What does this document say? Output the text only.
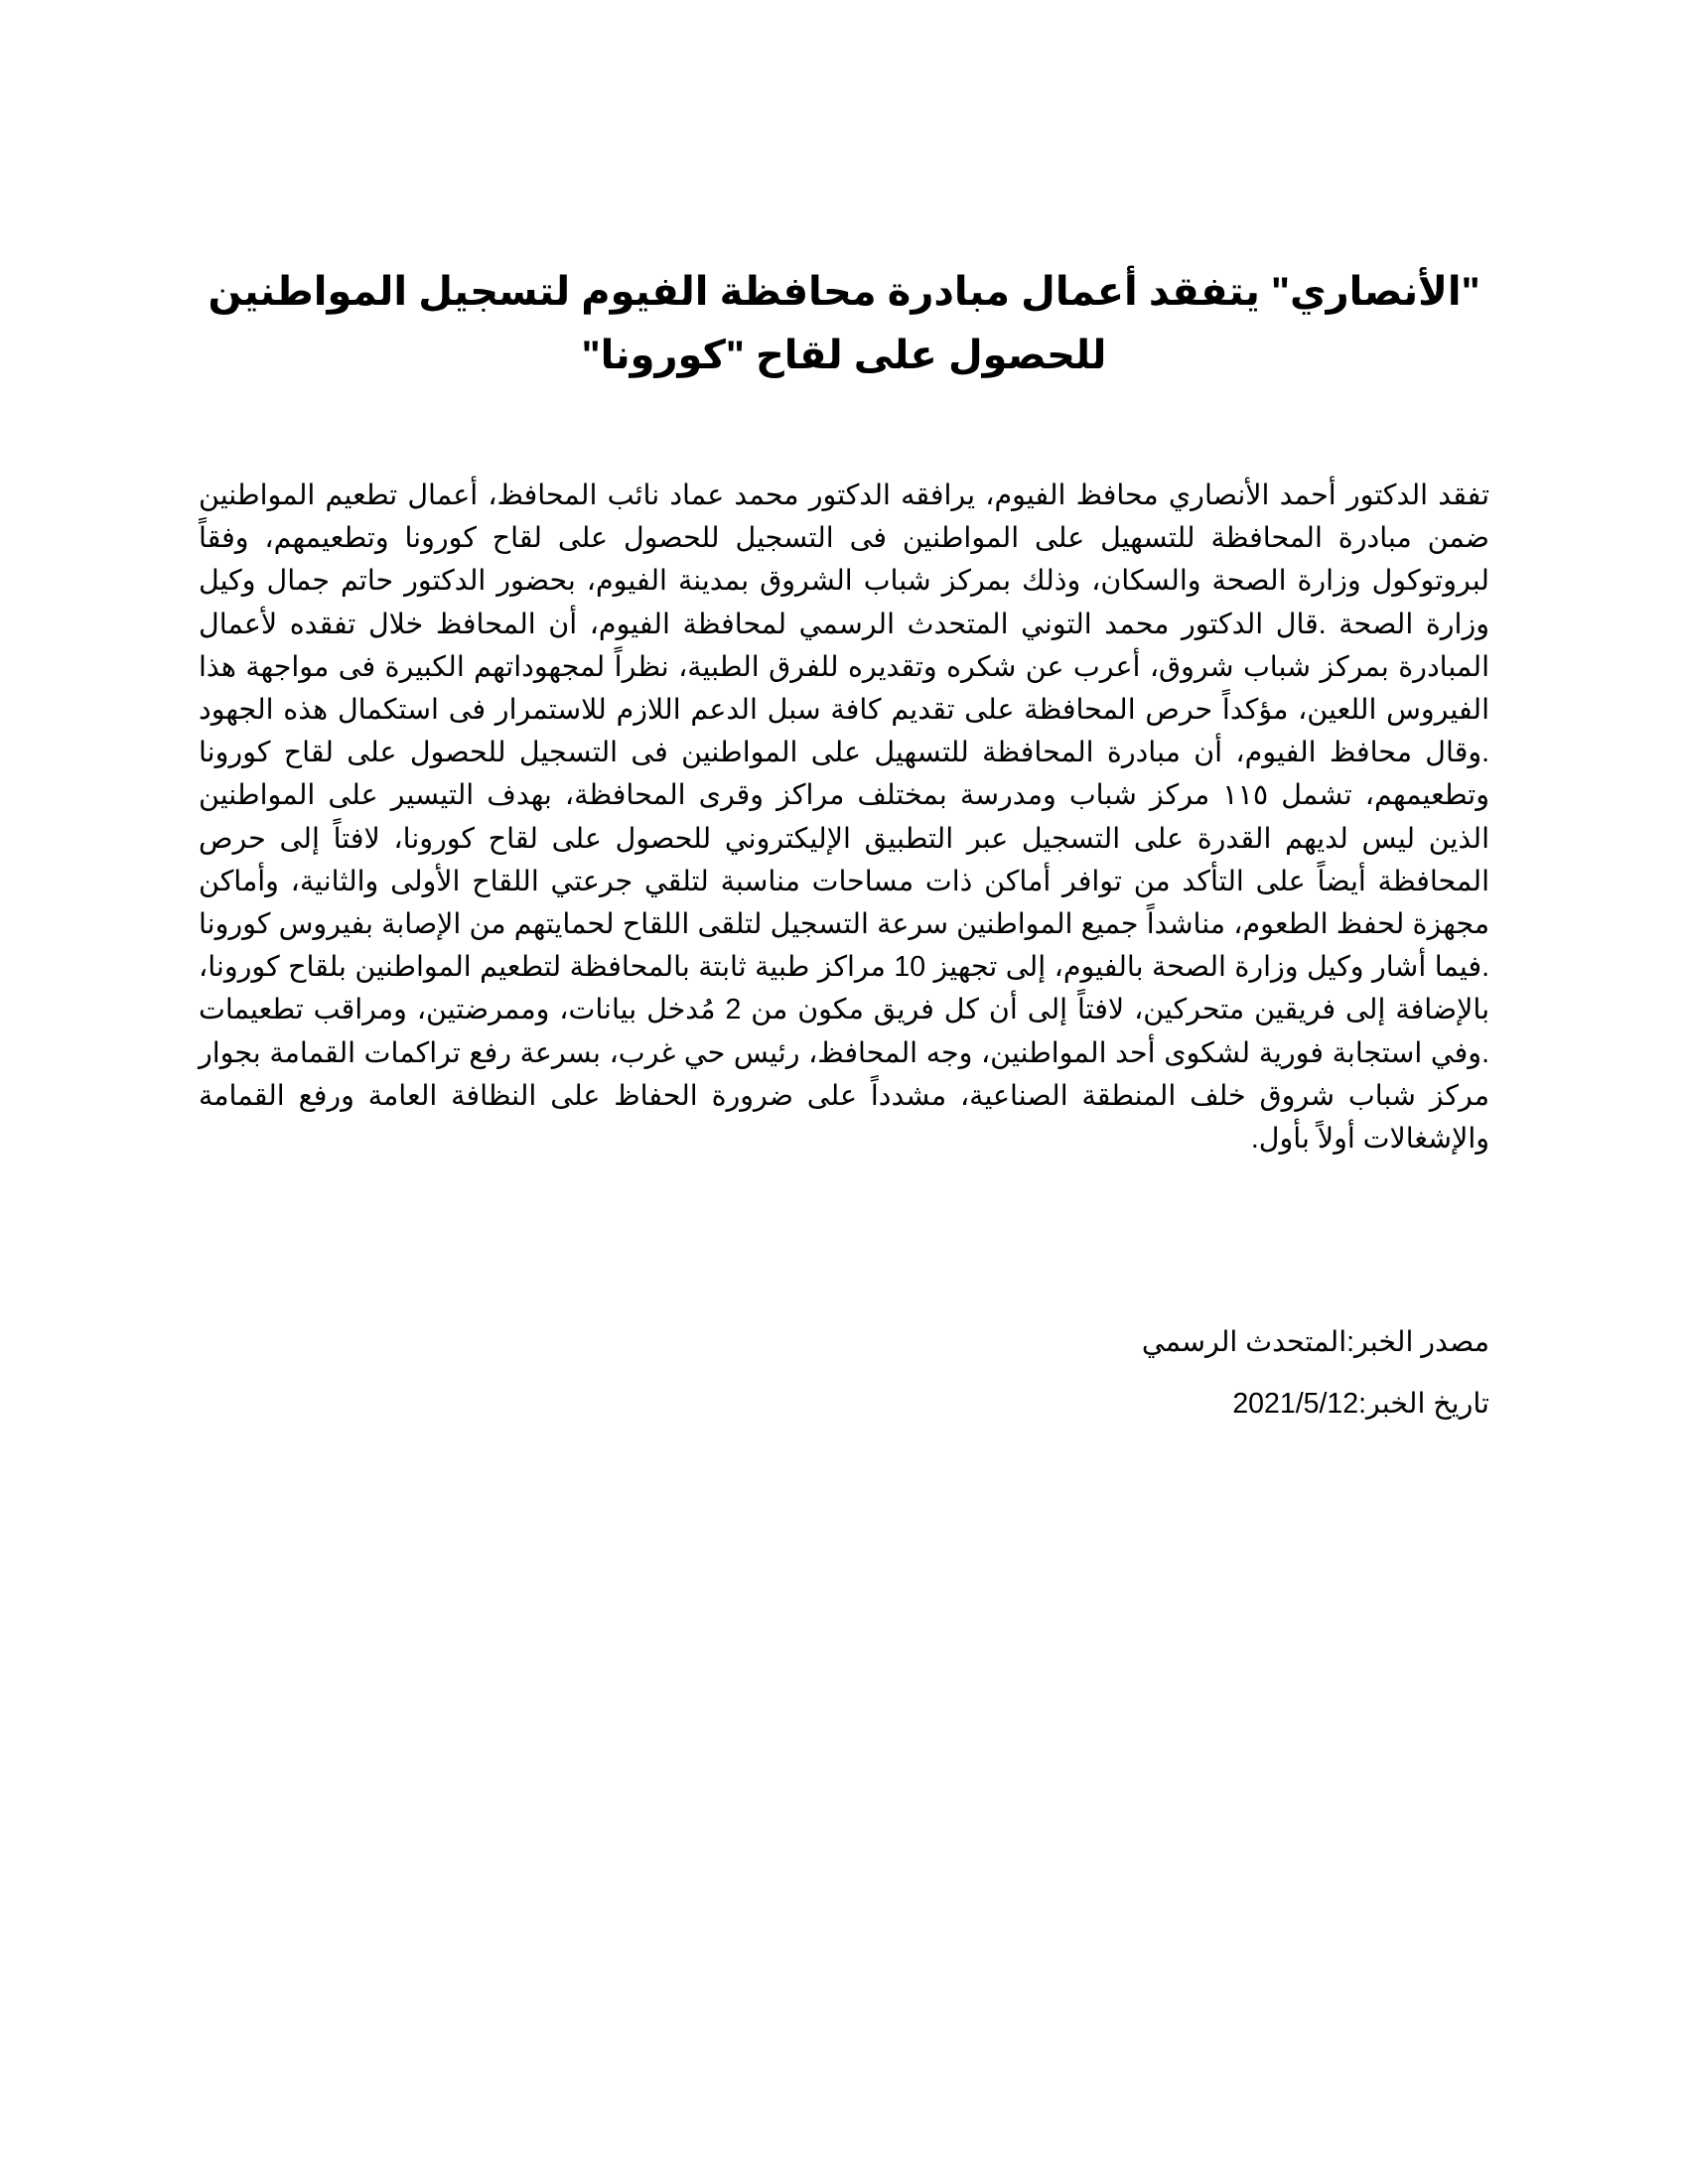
"الأنصاري" يتفقد أعمال مبادرة محافظة الفيوم لتسجيل المواطنين للحصول على لقاح "كورونا"

تفقد الدكتور أحمد الأنصاري محافظ الفيوم، يرافقه الدكتور محمد عماد نائب المحافظ، أعمال تطعيم المواطنين ضمن مبادرة المحافظة للتسهيل على المواطنين فى التسجيل للحصول على لقاح كورونا وتطعيمهم، وفقاً لبروتوكول وزارة الصحة والسكان، وذلك بمركز شباب الشروق بمدينة الفيوم، بحضور الدكتور حاتم جمال وكيل وزارة الصحة .قال الدكتور محمد التوني المتحدث الرسمي لمحافظة الفيوم، أن المحافظ خلال تفقده لأعمال المبادرة بمركز شباب شروق، أعرب عن شكره وتقديره للفرق الطبية، نظراً لمجهوداتهم الكبيرة فى مواجهة هذا الفيروس اللعين، مؤكداً حرص المحافظة على تقديم كافة سبل الدعم اللازم للاستمرار فى استكمال هذه الجهود .وقال محافظ الفيوم، أن مبادرة المحافظة للتسهيل على المواطنين فى التسجيل للحصول على لقاح كورونا وتطعيمهم، تشمل ١١٥ مركز شباب ومدرسة بمختلف مراكز وقرى المحافظة، بهدف التيسير على المواطنين الذين ليس لديهم القدرة على التسجيل عبر التطبيق الإليكتروني للحصول على لقاح كورونا، لافتاً إلى حرص المحافظة أيضاً على التأكد من توافر أماكن ذات مساحات مناسبة لتلقي جرعتي اللقاح الأولى والثانية، وأماكن مجهزة لحفظ الطعوم، مناشداً جميع المواطنين سرعة التسجيل لتلقى اللقاح لحمايتهم من الإصابة بفيروس كورونا .فيما أشار وكيل وزارة الصحة بالفيوم، إلى تجهيز 10 مراكز طبية ثابتة بالمحافظة لتطعيم المواطنين بلقاح كورونا، بالإضافة إلى فريقين متحركين، لافتاً إلى أن كل فريق مكون من 2 مُدخل بيانات، وممرضتين، ومراقب تطعيمات .وفي استجابة فورية لشكوى أحد المواطنين، وجه المحافظ، رئيس حي غرب، بسرعة رفع تراكمات القمامة بجوار مركز شباب شروق خلف المنطقة الصناعية، مشدداً على ضرورة الحفاظ على النظافة العامة ورفع القمامة والإشغالات أولاً بأول.

مصدر الخبر:المتحدث الرسمي

تاريخ الخبر:2021/5/12
